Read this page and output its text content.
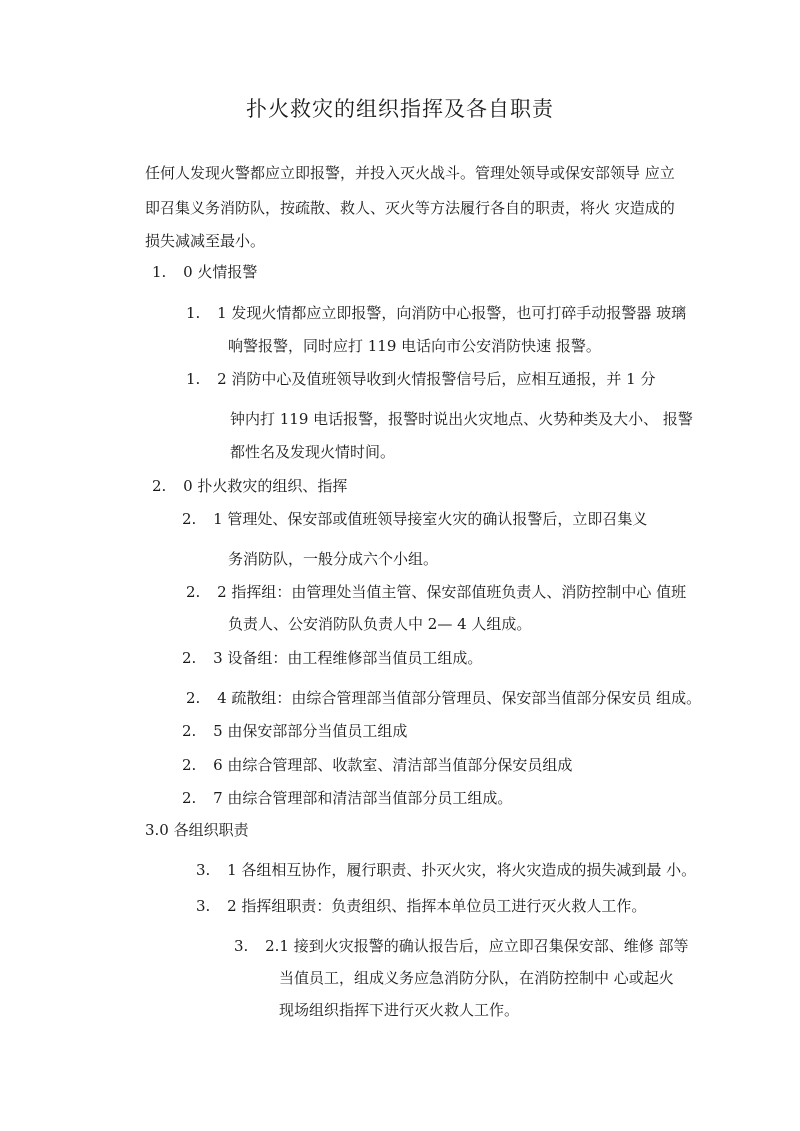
扑火救灾的组织指挥及各自职责
任何人发现火警都应立即报警，并投入灭火战斗。管理处领导或保安部领导 应立
即召集义务消防队，按疏散、救人、灭火等方法履行各自的职责，将火 灾造成的
损失减减至最小。
1. 0 火情报警
1. 1 发现火情都应立即报警，向消防中心报警，也可打碎手动报警器 玻璃
响警报警，同时应打 119 电话向市公安消防快速 报警。
1. 2 消防中心及值班领导收到火情报警信号后，应相互通报，并 1 分
钟内打 119 电话报警，报警时说出火灾地点、火势种类及大小、 报警
都性名及发现火情时间。
2. 0 扑火救灾的组织、指挥
2. 1 管理处、保安部或值班领导接室火灾的确认报警后，立即召集义
务消防队，一般分成六个小组。
2. 2 指挥组：由管理处当值主管、保安部值班负责人、消防控制中心 值班
负责人、公安消防队负责人中 2— 4 人组成。
2. 3 设备组：由工程维修部当值员工组成。
2. 4 疏散组：由综合管理部当值部分管理员、保安部当值部分保安员 组成。
2. 5 由保安部部分当值员工组成
2. 6 由综合管理部、收款室、清洁部当值部分保安员组成
2. 7 由综合管理部和清洁部当值部分员工组成。
3.0 各组织职责
3. 1 各组相互协作，履行职责、扑灭火灾，将火灾造成的损失减到最 小。
3. 2 指挥组职责：负责组织、指挥本单位员工进行灭火救人工作。
3. 2.1 接到火灾报警的确认报告后，应立即召集保安部、维修 部等
当值员工，组成义务应急消防分队，在消防控制中 心或起火
现场组织指挥下进行灭火救人工作。
